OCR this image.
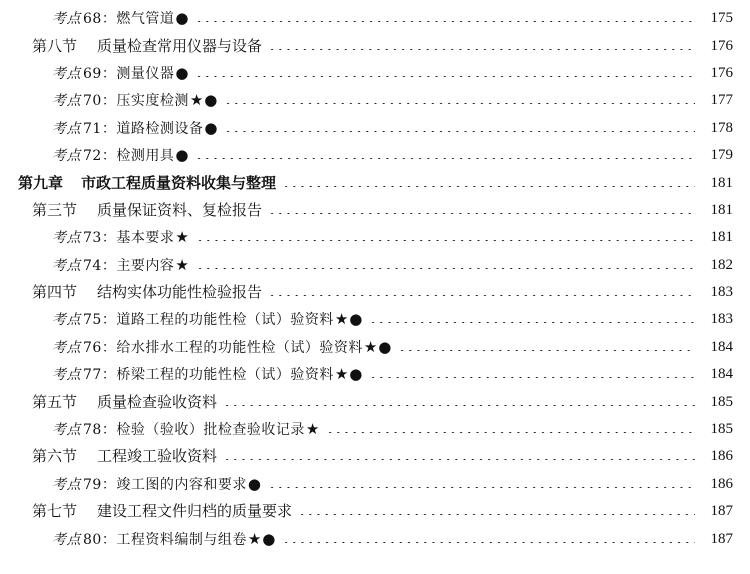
考点 68：燃气管道●	175
第八节 质量检查常用仪器与设备	176
考点 69：测量仪器●	176
考点 70：压实度检测★●	177
考点 71：道路检测设备●	178
考点 72：检测用具●	179
第九章 市政工程质量资料收集与整理	181
第三节 质量保证资料、复检报告	181
考点 73：基本要求★	181
考点 74：主要内容★	182
第四节 结构实体功能性检验报告	183
考点 75：道路工程的功能性检（试）验资料★●	183
考点 76：给水排水工程的功能性检（试）验资料★●	184
考点 77：桥梁工程的功能性检（试）验资料★●	184
第五节 质量检查验收资料	185
考点 78：检验（验收）批检查验收记录★	185
第六节 工程竣工验收资料	186
考点 79：竣工图的内容和要求●	186
第七节 建设工程文件归档的质量要求	187
考点 80：工程资料编制与组卷★●	187
